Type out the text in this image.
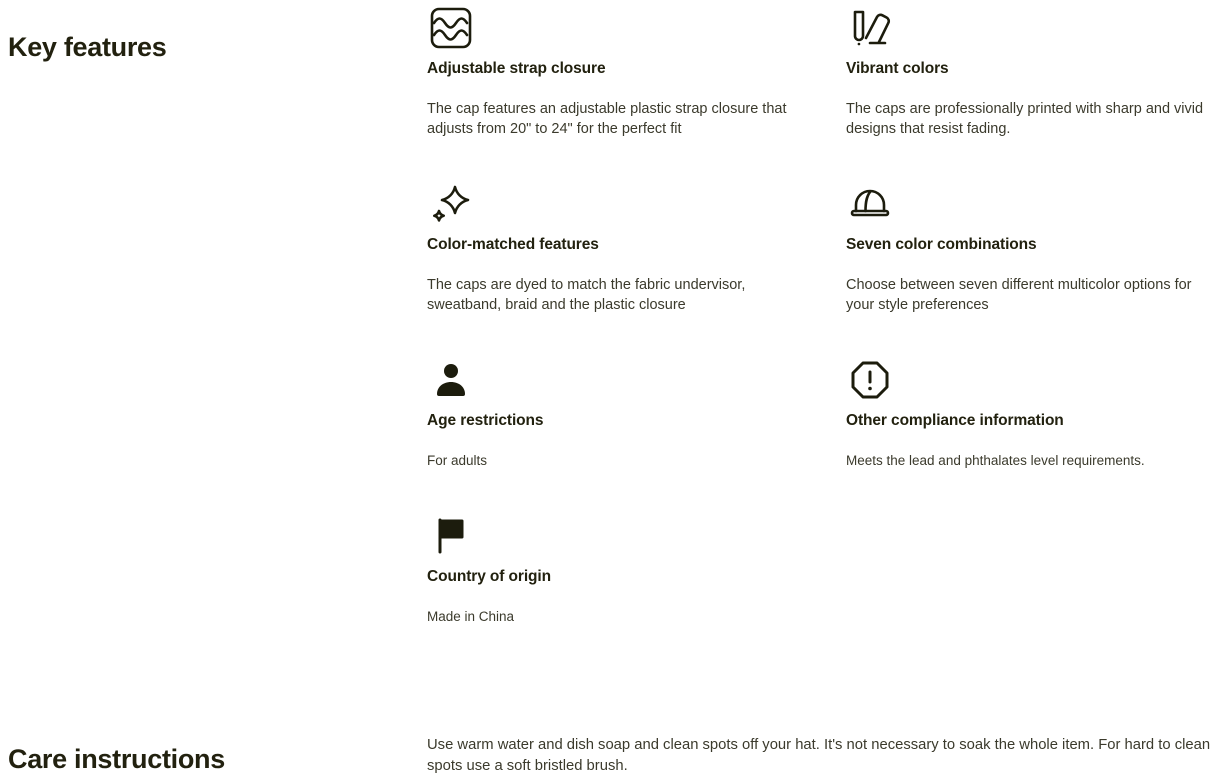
Key features

Adjustable strap closure

The cap features an adjustable plastic strap closure that adjusts from 20" to 24" for the perfect fit

Vibrant colors

The caps are professionally printed with sharp and vivid designs that resist fading.

Color-matched features

The caps are dyed to match the fabric undervisor, sweatband, braid and the plastic closure

Seven color combinations

Choose between seven different multicolor options for your style preferences

Age restrictions

For adults

Other compliance information

Meets the lead and phthalates level requirements.

Country of origin

Made in China

Care instructions	Use warm water and dish soap and clean spots off your hat. It's not necessary to soak the whole item. For hard to clean spots use a soft bristled brush.
